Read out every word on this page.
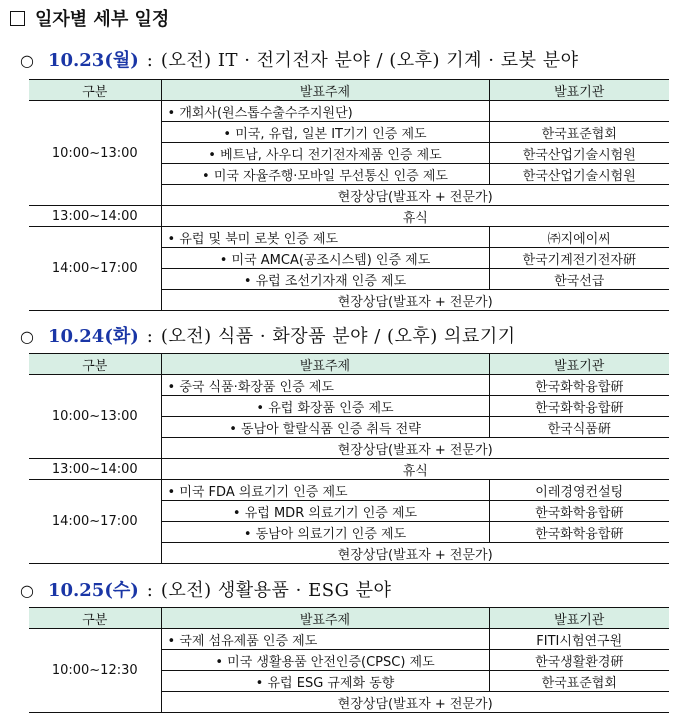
일자별 세부 일정
○ 10.23(월) : (오전) IT · 전기전자 분야 / (오후) 기계 · 로봇 분야
구분	발표주제	발표기관
10:00~13:00	• 개회사(원스톱수출수주지원단)	
	• 미국, 유럽, 일본 IT기기 인증 제도	한국표준협회
	• 베트남, 사우디 전기전자제품 인증 제도	한국산업기술시험원
	• 미국 자율주행·모바일 무선통신 인증 제도	한국산업기술시험원
	현장상담(발표자 + 전문가)	
13:00~14:00	휴식	
14:00~17:00	• 유럽 및 북미 로봇 인증 제도	㈜지에이씨
	• 미국 AMCA(공조시스템) 인증 제도	한국기계전기전자硏
	• 유럽 조선기자재 인증 제도	한국선급
	현장상담(발표자 + 전문가)	
○ 10.24(화) : (오전) 식품 · 화장품 분야 / (오후) 의료기기
구분	발표주제	발표기관
10:00~13:00	• 중국 식품·화장품 인증 제도	한국화학융합硏
	• 유럽 화장품 인증 제도	한국화학융합硏
	• 동남아 할랄식품 인증 취득 전략	한국식품硏
	현장상담(발표자 + 전문가)	
13:00~14:00	휴식	
14:00~17:00	• 미국 FDA 의료기기 인증 제도	이레경영컨설팅
	• 유럽 MDR 의료기기 인증 제도	한국화학융합硏
	• 동남아 의료기기 인증 제도	한국화학융합硏
	현장상담(발표자 + 전문가)	
○ 10.25(수) : (오전) 생활용품 · ESG 분야
구분	발표주제	발표기관
10:00~12:30	• 국제 섬유제품 인증 제도	FITI시험연구원
	• 미국 생활용품 안전인증(CPSC) 제도	한국생활환경硏
	• 유럽 ESG 규제화 동향	한국표준협회
	현장상담(발표자 + 전문가)	
